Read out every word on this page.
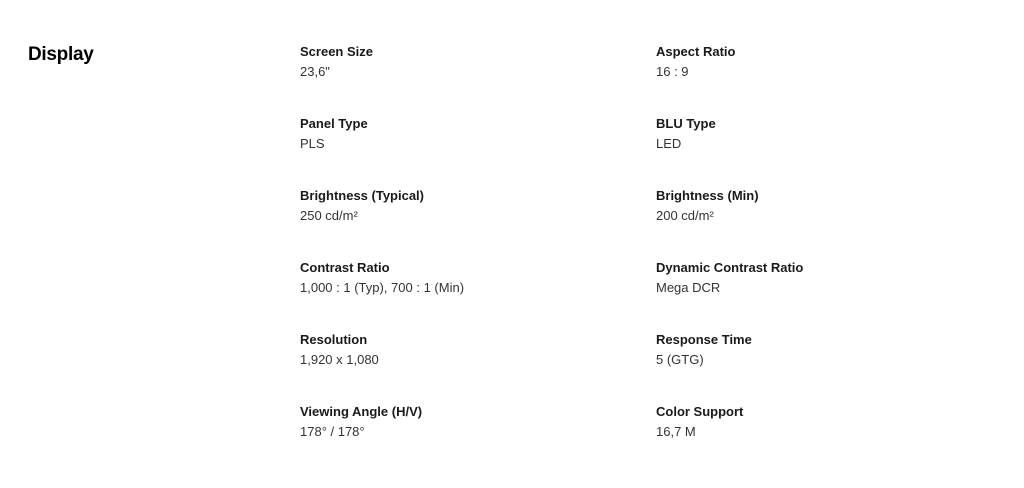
Display	Screen Size
23,6"
Aspect Ratio
16 : 9
Panel Type
PLS
BLU Type
LED
Brightness (Typical)
250 cd/m²
Brightness (Min)
200 cd/m²
Contrast Ratio
1,000 : 1 (Typ), 700 : 1 (Min)
Dynamic Contrast Ratio
Mega DCR
Resolution
1,920 x 1,080
Response Time
5 (GTG)
Viewing Angle (H/V)
178° / 178°
Color Support
16,7 M
